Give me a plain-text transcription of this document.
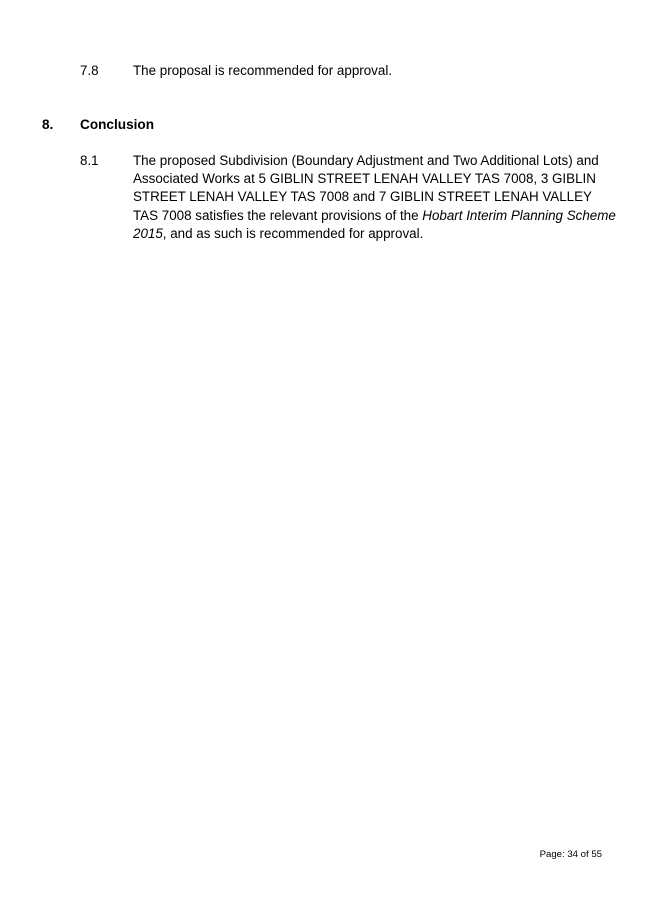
7.8	The proposal is recommended for approval.
8. Conclusion
8.1	The proposed Subdivision (Boundary Adjustment and Two Additional Lots) and
Associated Works at 5 GIBLIN STREET LENAH VALLEY TAS 7008, 3 GIBLIN
STREET LENAH VALLEY TAS 7008 and 7 GIBLIN STREET LENAH VALLEY
TAS 7008 satisfies the relevant provisions of the Hobart Interim Planning Scheme
2015, and as such is recommended for approval.
Page: 34 of 55
